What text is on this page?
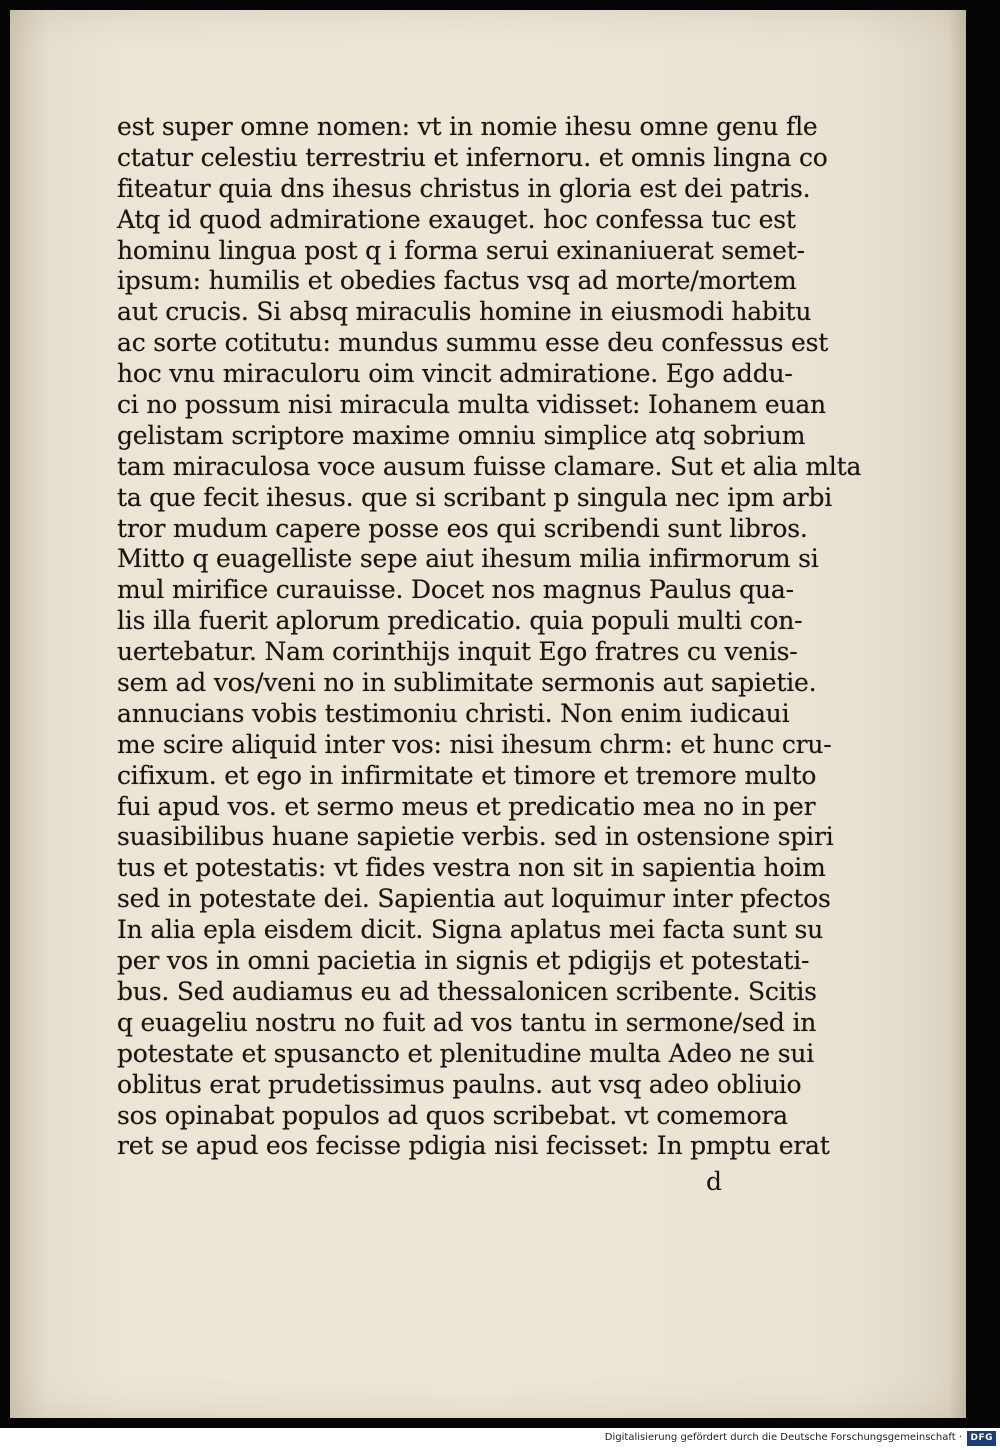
est super omne nomen: vt in nomie ihesu omne genu fle
ctatur celestiu terrestriu et infernoru. et omnis lingna co
fiteatur quia dns ihesus christus in gloria est dei patris.
Atq id quod admiratione exauget. hoc confessa tuc est
hominu lingua post q i forma serui exinaniuerat semet-
ipsum: humilis et obedies factus vsq ad morte/mortem
aut crucis. Si absq miraculis homine in eiusmodi habitu
ac sorte cotitutu: mundus summu esse deu confessus est
hoc vnu miraculoru oim vincit admiratione. Ego addu-
ci no possum nisi miracula multa vidisset: Iohanem euan
gelistam scriptore maxime omniu simplice atq sobrium
tam miraculosa voce ausum fuisse clamare. Sut et alia mlta
ta que fecit ihesus. que si scribant p singula nec ipm arbi
tror mudum capere posse eos qui scribendi sunt libros.
Mitto q euagelliste sepe aiut ihesum milia infirmorum si
mul mirifice curauisse. Docet nos magnus Paulus qua-
lis illa fuerit aplorum predicatio. quia populi multi con-
uertebatur. Nam corinthijs inquit Ego fratres cu venis-
sem ad vos/veni no in sublimitate sermonis aut sapietie.
annucians vobis testimoniu christi. Non enim iudicaui
me scire aliquid inter vos: nisi ihesum chrm: et hunc cru-
cifixum. et ego in infirmitate et timore et tremore multo
fui apud vos. et sermo meus et predicatio mea no in per
suasibilibus huane sapietie verbis. sed in ostensione spiri
tus et potestatis: vt fides vestra non sit in sapientia hoim
sed in potestate dei. Sapientia aut loquimur inter pfectos
In alia epla eisdem dicit. Signa aplatus mei facta sunt su
per vos in omni pacietia in signis et pdigijs et potestati-
bus. Sed audiamus eu ad thessalonicen scribente. Scitis
q euageliu nostru no fuit ad vos tantu in sermone/sed in
potestate et spusancto et plenitudine multa Adeo ne sui
oblitus erat prudetissimus paulns. aut vsq adeo obliuio
sos opinabat populos ad quos scribebat. vt comemora
ret se apud eos fecisse pdigia nisi fecisset: In pmptu erat
d
Digitalisierung gefördert durch die Deutsche Forschungsgemeinschaft · DFG
